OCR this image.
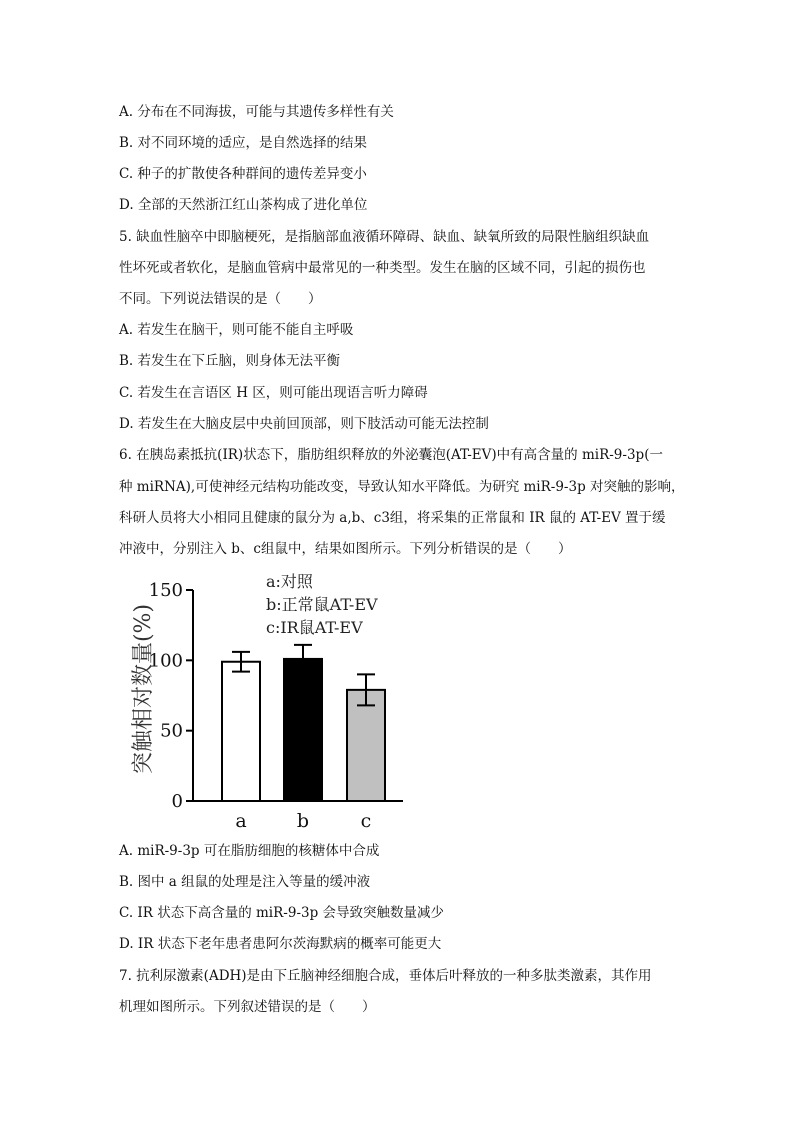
A. 分布在不同海拔，可能与其遗传多样性有关
B. 对不同环境的适应，是自然选择的结果
C. 种子的扩散使各种群间的遗传差异变小
D. 全部的天然浙江红山茶构成了进化单位
5. 缺血性脑卒中即脑梗死，是指脑部血液循环障碍、缺血、缺氧所致的局限性脑组织缺血
性坏死或者软化，是脑血管病中最常见的一种类型。发生在脑的区域不同，引起的损伤也
不同。下列说法错误的是（　　）
A. 若发生在脑干，则可能不能自主呼吸
B. 若发生在下丘脑，则身体无法平衡
C. 若发生在言语区 H 区，则可能出现语言听力障碍
D. 若发生在大脑皮层中央前回顶部，则下肢活动可能无法控制
6. 在胰岛素抵抗(IR)状态下，脂肪组织释放的外泌囊泡(AT-EV)中有高含量的 miR-9-3p(一
种 miRNA),可使神经元结构功能改变，导致认知水平降低。为研究 miR-9-3p 对突触的影响，
科研人员将大小相同且健康的鼠分为 a,b、c3组，将采集的正常鼠和 IR 鼠的 AT-EV 置于缓
冲液中，分别注入 b、c组鼠中，结果如图所示。下列分析错误的是（　　）
A. miR-9-3p 可在脂肪细胞的核糖体中合成
B. 图中 a 组鼠的处理是注入等量的缓冲液
C. IR 状态下高含量的 miR-9-3p 会导致突触数量减少
D. IR 状态下老年患者患阿尔茨海默病的概率可能更大
7. 抗利尿激素(ADH)是由下丘脑神经细胞合成，垂体后叶释放的一种多肽类激素，其作用
机理如图所示。下列叙述错误的是（　　）
突触相对数量(%)
0
50
100
150
a	b	c
a:对照
b:正常鼠AT-EV
c:IR鼠AT-EV
